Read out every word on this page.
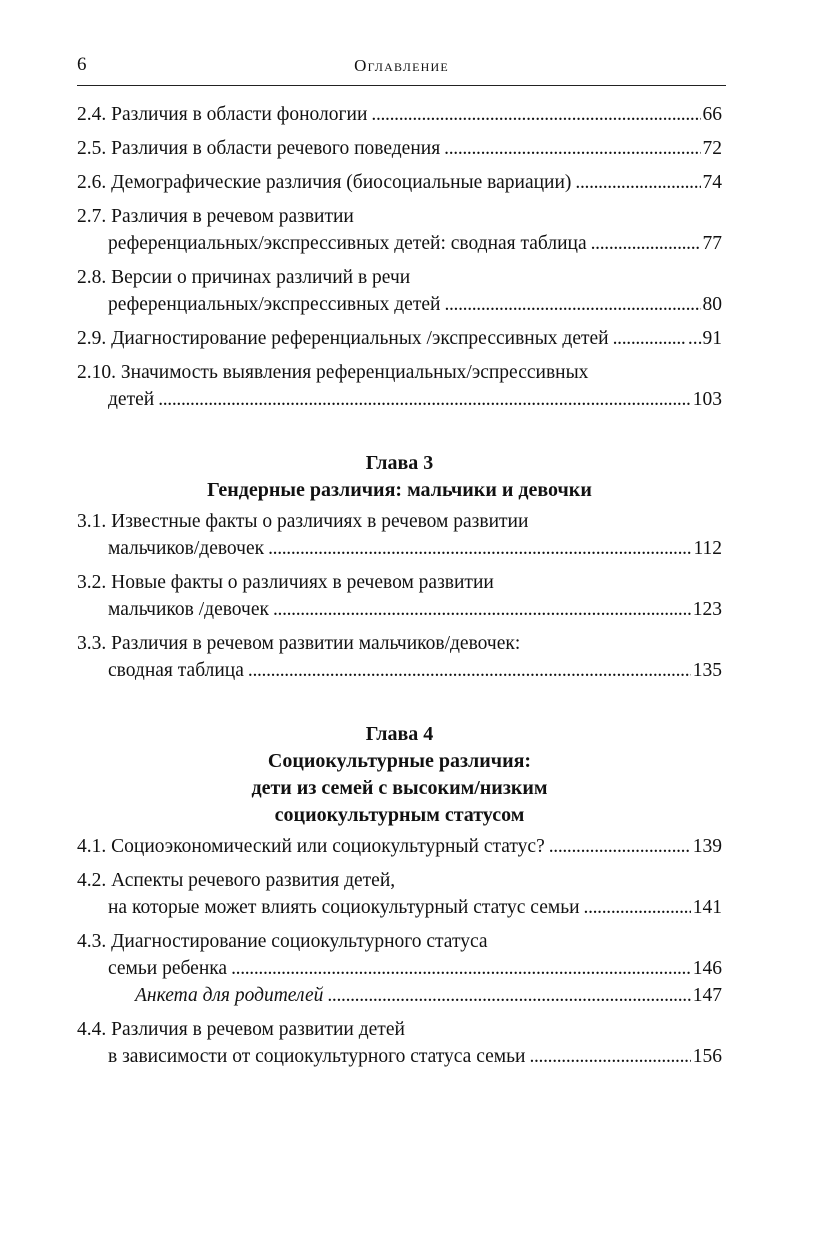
6	Оглавление
2.4. Различия в области фонологии . . .	66
2.5. Различия в области речевого поведения . . .	72
2.6. Демографические различия (биосоциальные вариации) . . .	74
2.7. Различия в речевом развитии
референциальных/экспрессивных детей: сводная таблица . . .	77
2.8. Версии о причинах различий в речи
референциальных/экспрессивных детей . . .	80
2.9. Диагностирование референциальных /экспрессивных детей . . .	...91
2.10. Значимость выявления референциальных/эспрессивных
детей . . .	103
Глава 3
Гендерные различия: мальчики и девочки
3.1. Известные факты о различиях в речевом развитии
мальчиков/девочек . . .	112
3.2. Новые факты о различиях в речевом развитии
мальчиков /девочек . . .	123
3.3. Различия в речевом развитии мальчиков/девочек:
сводная таблица . . .	135
Глава 4
Социокультурные различия:
дети из семей с высоким/низким
социокультурным статусом
4.1. Социоэкономический или социокультурный статус? . . .	139
4.2. Аспекты речевого развития детей,
на которые может влиять социокультурный статус семьи . . .	141
4.3. Диагностирование социокультурного статуса
семьи ребенка . . .	146
Анкета для родителей . . .	147
4.4. Различия в речевом развитии детей
в зависимости от социокультурного статуса семьи . . .	156
